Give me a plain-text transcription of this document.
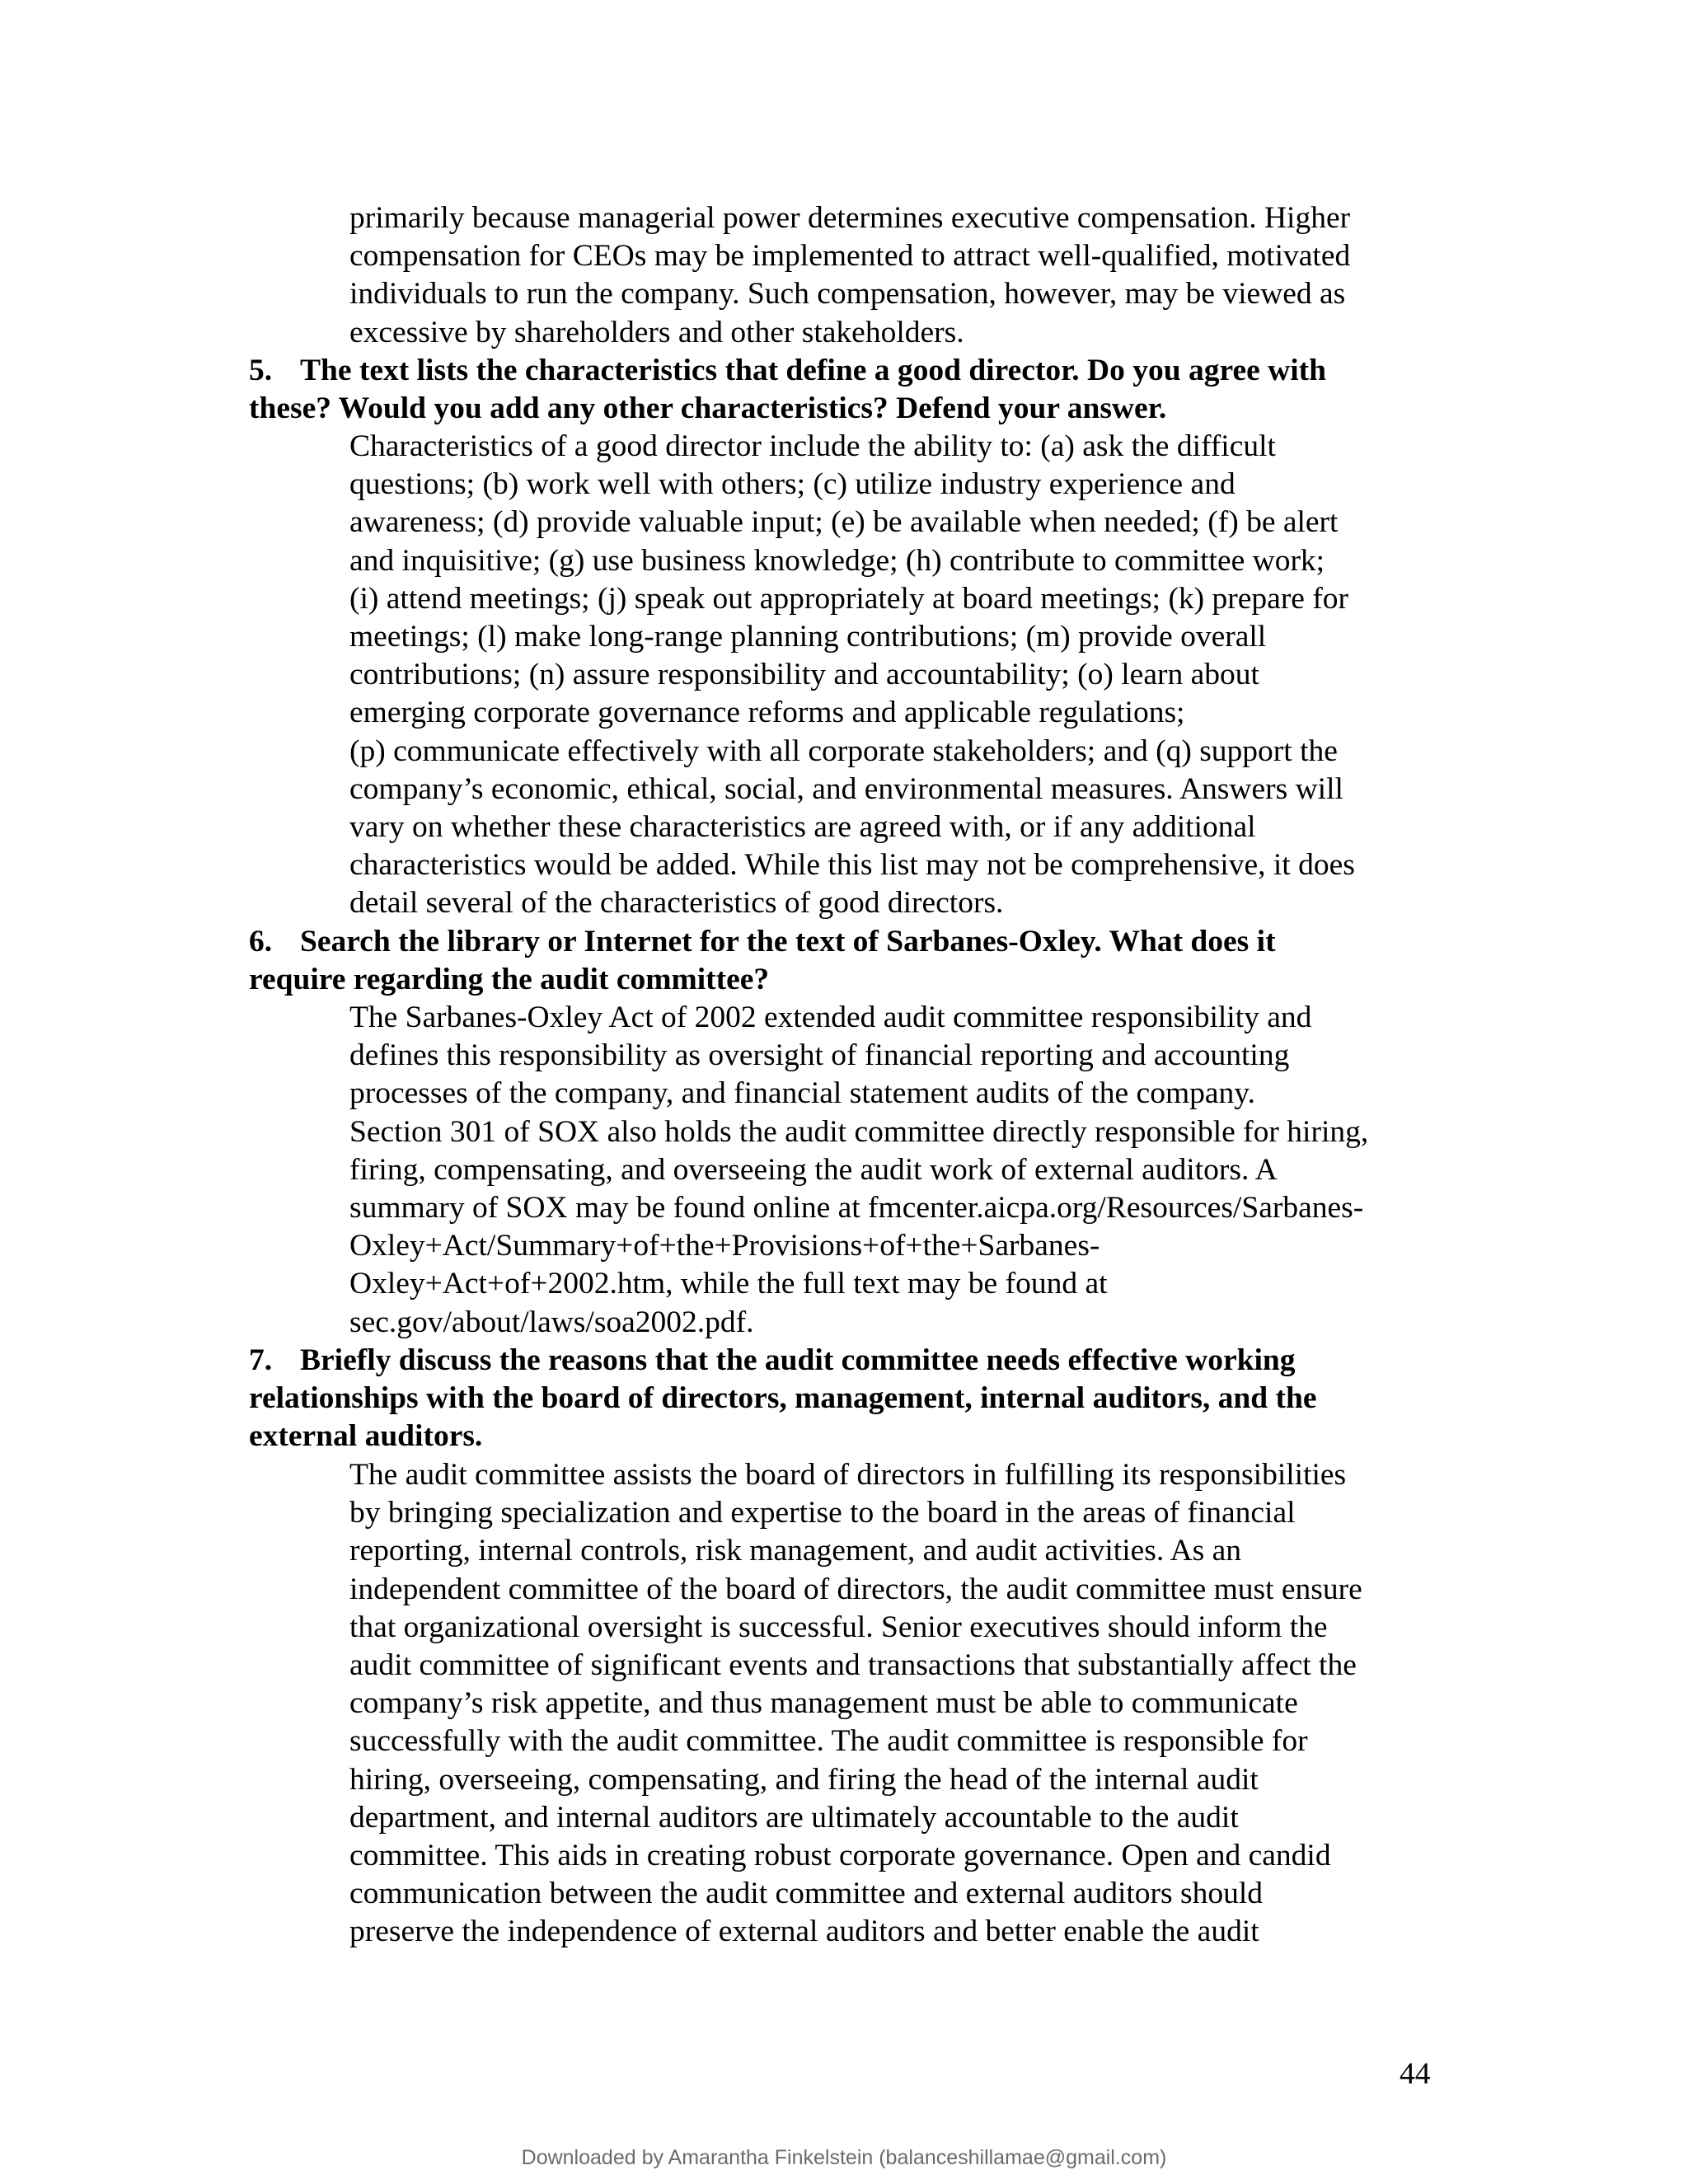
primarily because managerial power determines executive compensation. Higher
compensation for CEOs may be implemented to attract well-qualified, motivated
individuals to run the company. Such compensation, however, may be viewed as
excessive by shareholders and other stakeholders.
5. The text lists the characteristics that define a good director. Do you agree with
these? Would you add any other characteristics? Defend your answer.
Characteristics of a good director include the ability to: (a) ask the difficult
questions; (b) work well with others; (c) utilize industry experience and
awareness; (d) provide valuable input; (e) be available when needed; (f) be alert
and inquisitive; (g) use business knowledge; (h) contribute to committee work;
(i) attend meetings; (j) speak out appropriately at board meetings; (k) prepare for
meetings; (l) make long-range planning contributions; (m) provide overall
contributions; (n) assure responsibility and accountability; (o) learn about
emerging corporate governance reforms and applicable regulations;
(p) communicate effectively with all corporate stakeholders; and (q) support the
company’s economic, ethical, social, and environmental measures. Answers will
vary on whether these characteristics are agreed with, or if any additional
characteristics would be added. While this list may not be comprehensive, it does
detail several of the characteristics of good directors.
6. Search the library or Internet for the text of Sarbanes-Oxley. What does it
require regarding the audit committee?
The Sarbanes-Oxley Act of 2002 extended audit committee responsibility and
defines this responsibility as oversight of financial reporting and accounting
processes of the company, and financial statement audits of the company.
Section 301 of SOX also holds the audit committee directly responsible for hiring,
firing, compensating, and overseeing the audit work of external auditors. A
summary of SOX may be found online at fmcenter.aicpa.org/Resources/Sarbanes-
Oxley+Act/Summary+of+the+Provisions+of+the+Sarbanes-
Oxley+Act+of+2002.htm, while the full text may be found at
sec.gov/about/laws/soa2002.pdf.
7. Briefly discuss the reasons that the audit committee needs effective working
relationships with the board of directors, management, internal auditors, and the
external auditors.
The audit committee assists the board of directors in fulfilling its responsibilities
by bringing specialization and expertise to the board in the areas of financial
reporting, internal controls, risk management, and audit activities. As an
independent committee of the board of directors, the audit committee must ensure
that organizational oversight is successful. Senior executives should inform the
audit committee of significant events and transactions that substantially affect the
company’s risk appetite, and thus management must be able to communicate
successfully with the audit committee. The audit committee is responsible for
hiring, overseeing, compensating, and firing the head of the internal audit
department, and internal auditors are ultimately accountable to the audit
committee. This aids in creating robust corporate governance. Open and candid
communication between the audit committee and external auditors should
preserve the independence of external auditors and better enable the audit
44
Downloaded by Amarantha Finkelstein (balanceshillamae@gmail.com)
